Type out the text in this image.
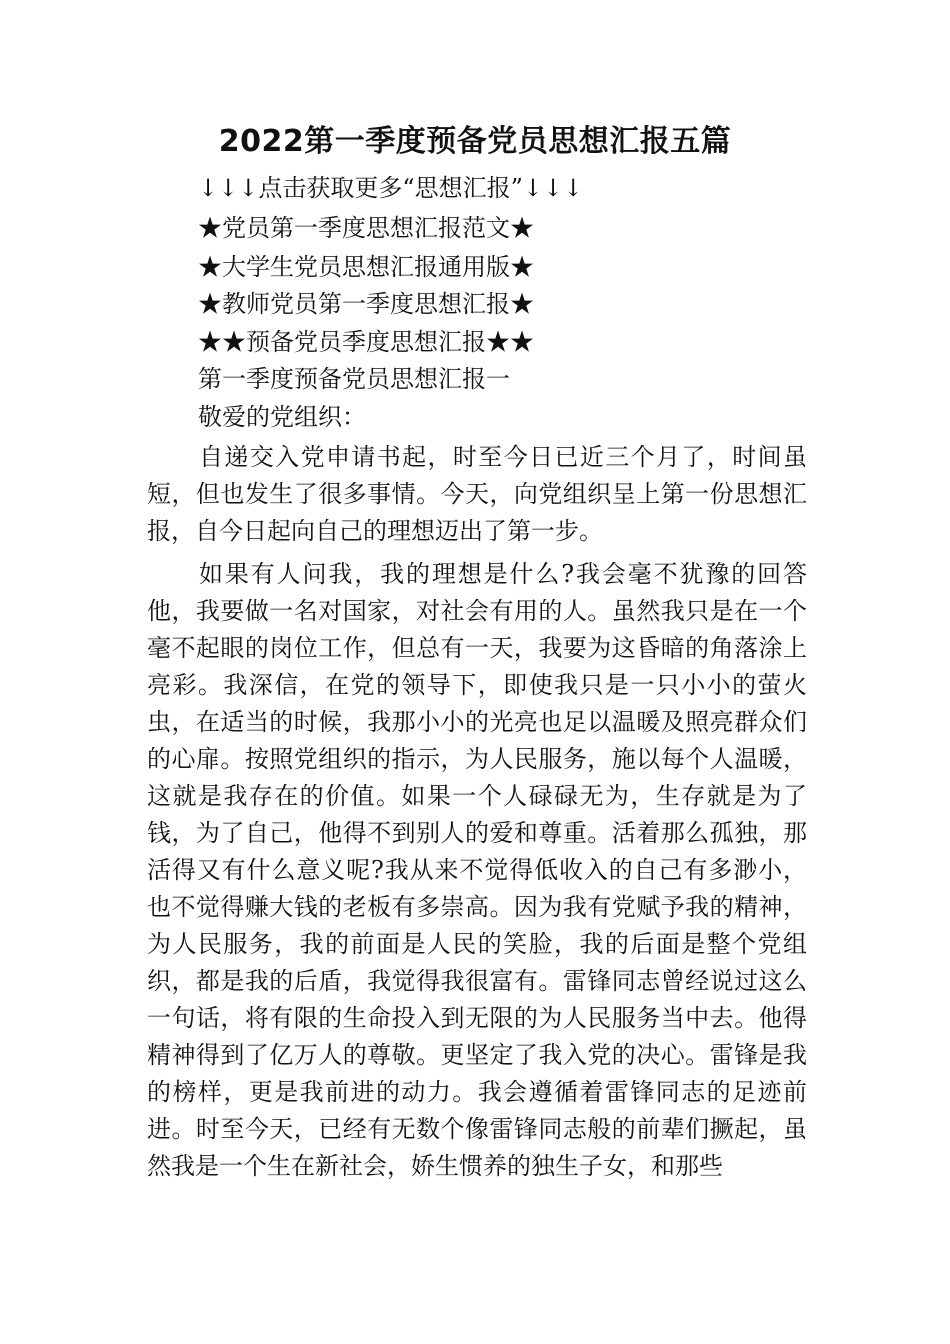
2022第一季度预备党员思想汇报五篇

↓↓↓点击获取更多“思想汇报”↓↓↓

★党员第一季度思想汇报范文★

★大学生党员思想汇报通用版★

★教师党员第一季度思想汇报★

★★预备党员季度思想汇报★★

第一季度预备党员思想汇报一

敬爱的党组织：

自递交入党申请书起，时至今日已近三个月了，时间虽短，但也发生了很多事情。今天，向党组织呈上第一份思想汇报，自今日起向自己的理想迈出了第一步。

如果有人问我，我的理想是什么?我会毫不犹豫的回答他，我要做一名对国家，对社会有用的人。虽然我只是在一个毫不起眼的岗位工作，但总有一天，我要为这昏暗的角落涂上亮彩。我深信，在党的领导下，即使我只是一只小小的萤火虫，在适当的时候，我那小小的光亮也足以温暖及照亮群众们的心扉。按照党组织的指示，为人民服务，施以每个人温暖，这就是我存在的价值。如果一个人碌碌无为，生存就是为了钱，为了自己，他得不到别人的爱和尊重。活着那么孤独，那活得又有什么意义呢?我从来不觉得低收入的自己有多渺小，也不觉得赚大钱的老板有多崇高。因为我有党赋予我的精神，为人民服务，我的前面是人民的笑脸，我的后面是整个党组织，都是我的后盾，我觉得我很富有。雷锋同志曾经说过这么一句话，将有限的生命投入到无限的为人民服务当中去。他得精神得到了亿万人的尊敬。更坚定了我入党的决心。雷锋是我的榜样，更是我前进的动力。我会遵循着雷锋同志的足迹前进。时至今天，已经有无数个像雷锋同志般的前辈们撅起，虽然我是一个生在新社会，娇生惯养的独生子女，和那些
